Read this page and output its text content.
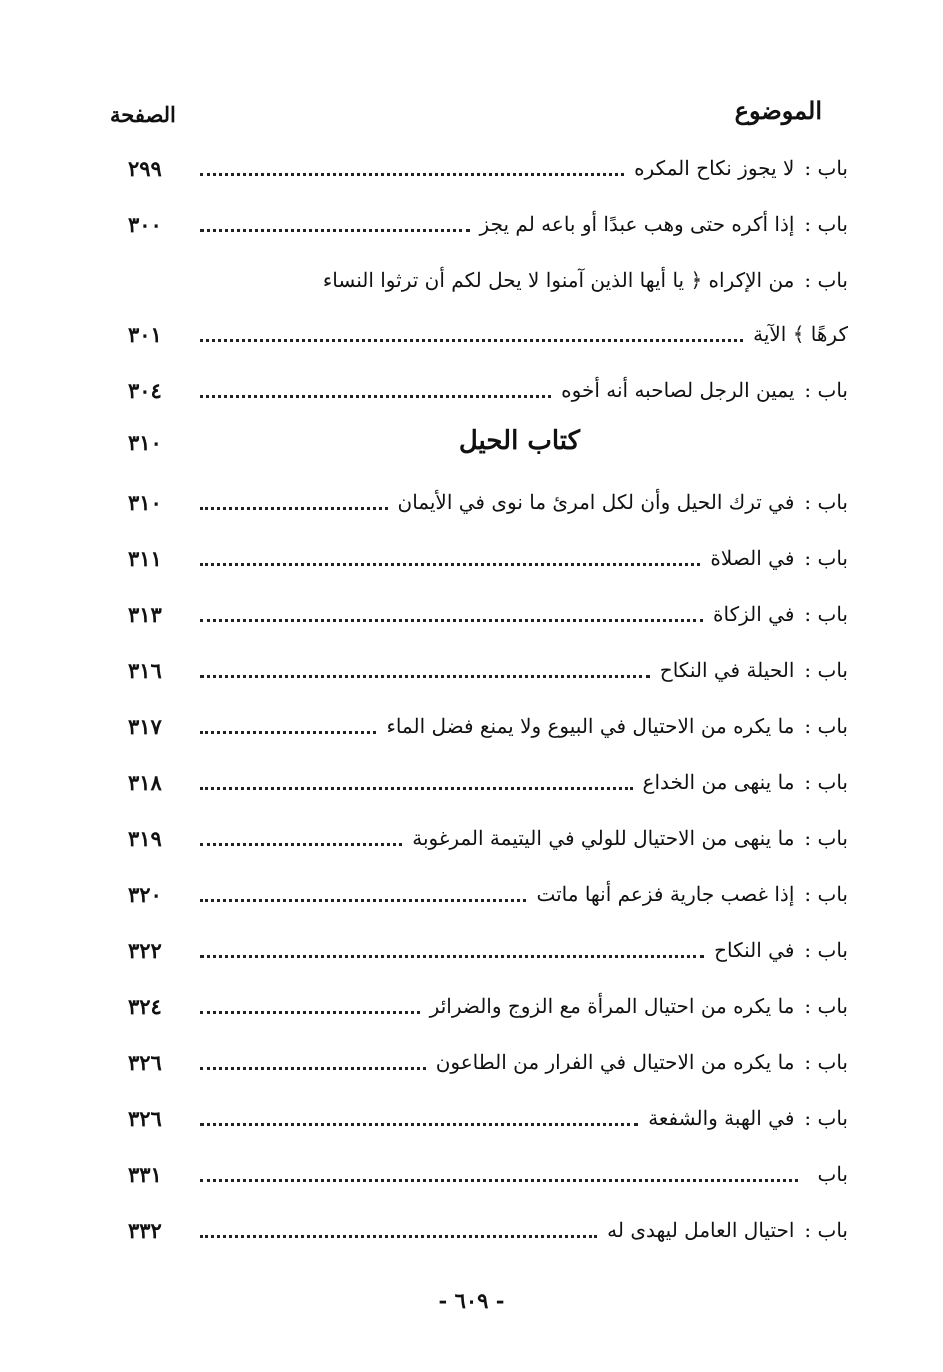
الموضوع
الصفحة
باب :
لا يجوز نكاح المكره
٢٩٩
باب :
إذا أكره حتى وهب عبدًا أو باعه لم يجز
٣٠٠
باب :
من الإكراه ﴿ يا أيها الذين آمنوا لا يحل لكم أن ترثوا النساء
كرهًا ﴾ الآية
٣٠١
باب :
يمين الرجل لصاحبه أنه أخوه
٣٠٤
كتاب الحيل
٣١٠
باب :
في ترك الحيل وأن لكل امرئ ما نوى في الأيمان
٣١٠
باب :
في الصلاة
٣١١
باب :
في الزكاة
٣١٣
باب :
الحيلة في النكاح
٣١٦
باب :
ما يكره من الاحتيال في البيوع ولا يمنع فضل الماء
٣١٧
باب :
ما ينهى من الخداع
٣١٨
باب :
ما ينهى من الاحتيال للولي في اليتيمة المرغوبة
٣١٩
باب :
إذا غصب جارية فزعم أنها ماتت
٣٢٠
باب :
في النكاح
٣٢٢
باب :
ما يكره من احتيال المرأة مع الزوج والضرائر
٣٢٤
باب :
ما يكره من الاحتيال في الفرار من الطاعون
٣٢٦
باب :
في الهبة والشفعة
٣٢٦
باب
٣٣١
باب :
احتيال العامل ليهدى له
٣٣٢
- ٦٠٩ -
